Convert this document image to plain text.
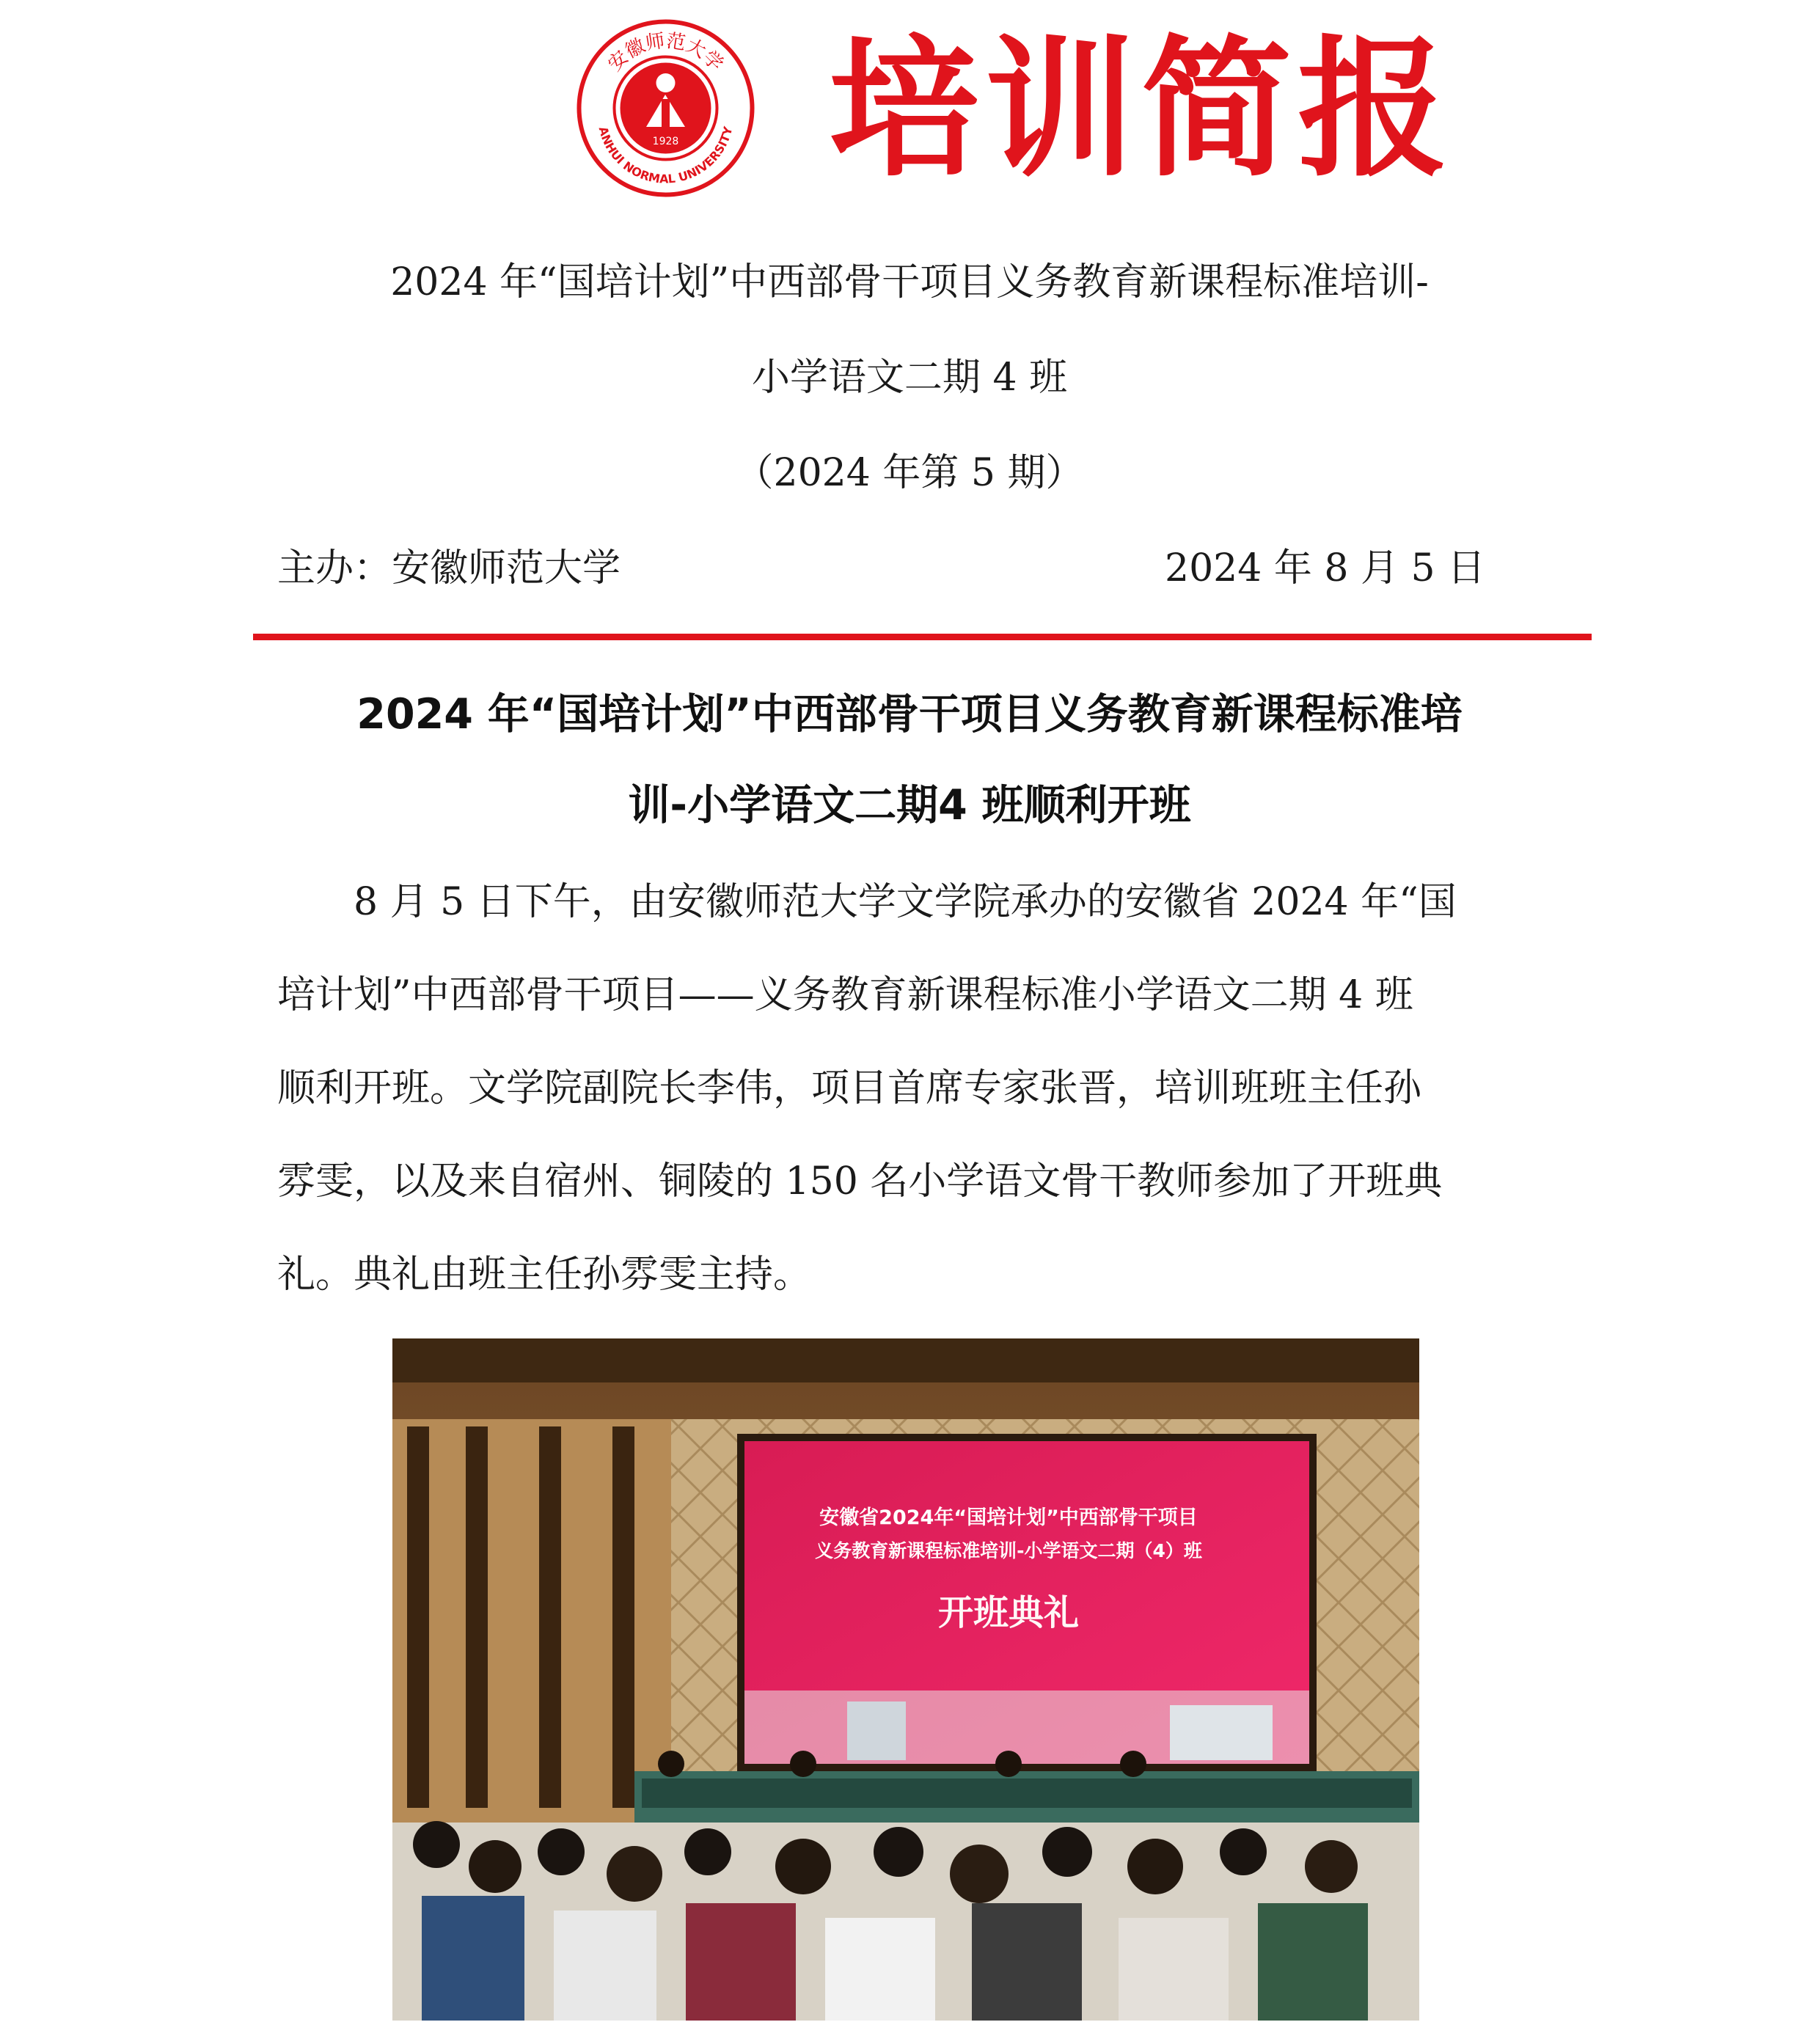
安徽师范大学
ANHUI NORMAL UNIVERSITY
1928 培训简报
2024 年“国培计划”中西部骨干项目义务教育新课程标准培训-
小学语文二期 4 班
（2024 年第 5 期）
主办：安徽师范大学	2024 年 8 月 5 日
2024 年“国培计划”中西部骨干项目义务教育新课程标准培
训-小学语文二期4 班顺利开班
8 月 5 日下午，由安徽师范大学文学院承办的安徽省 2024 年“国
培计划”中西部骨干项目——义务教育新课程标准小学语文二期 4 班
顺利开班。文学院副院长李伟，项目首席专家张晋，培训班班主任孙
雰雯，以及来自宿州、铜陵的 150 名小学语文骨干教师参加了开班典
礼。典礼由班主任孙雰雯主持。
安徽省2024年“国培计划”中西部骨干项目
义务教育新课程标准培训-小学语文二期（4）班
开班典礼
